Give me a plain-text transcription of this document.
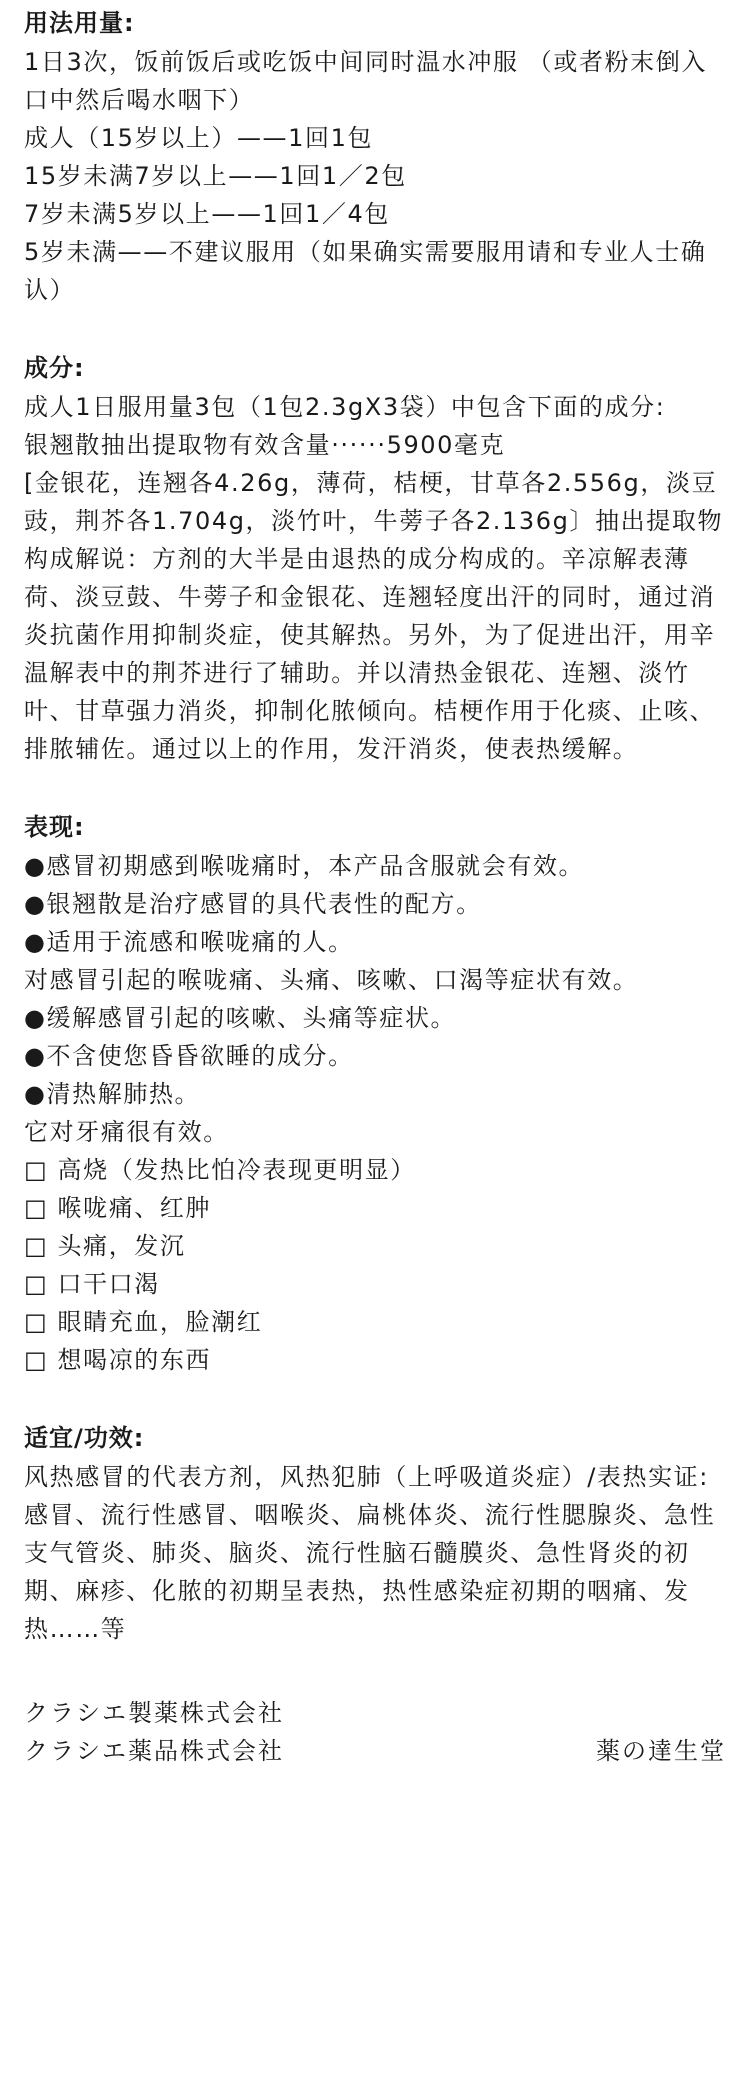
用法用量:

1日3次，饭前饭后或吃饭中间同时温水冲服 （或者粉末倒入口中然后喝水咽下）

成人（15岁以上）——1回1包

15岁未满7岁以上——1回1／2包

7岁未满5岁以上——1回1／4包

5岁未满——不建议服用（如果确实需要服用请和专业人士确认）

成分:

成人1日服用量3包（1包2.3gX3袋）中包含下面的成分:

银翘散抽出提取物有效含量······5900毫克

[金银花，连翘各4.26g，薄荷，桔梗，甘草各2.556g，淡豆豉，荆芥各1.704g，淡竹叶，牛蒡子各2.136g〕抽出提取物

构成解说：方剂的大半是由退热的成分构成的。辛凉解表薄荷、淡豆鼓、牛蒡子和金银花、连翘轻度出汗的同时，通过消炎抗菌作用抑制炎症，使其解热。另外，为了促进出汗，用辛温解表中的荆芥进行了辅助。并以清热金银花、连翘、淡竹叶、甘草强力消炎，抑制化脓倾向。桔梗作用于化痰、止咳、排脓辅佐。通过以上的作用，发汗消炎，使表热缓解。

表现:

●感冒初期感到喉咙痛时，本产品含服就会有效。

●银翘散是治疗感冒的具代表性的配方。

●适用于流感和喉咙痛的人。

对感冒引起的喉咙痛、头痛、咳嗽、口渴等症状有效。

●缓解感冒引起的咳嗽、头痛等症状。

●不含使您昏昏欲睡的成分。

●清热解肺热。

它对牙痛很有效。

□ 高烧（发热比怕冷表现更明显）

□ 喉咙痛、红肿

□ 头痛，发沉

□ 口干口渴

□ 眼睛充血，脸潮红

□ 想喝凉的东西

适宜/功效:

风热感冒的代表方剂，风热犯肺（上呼吸道炎症）/表热实证:

感冒、流行性感冒、咽喉炎、扁桃体炎、流行性腮腺炎、急性支气管炎、肺炎、脑炎、流行性脑石髓膜炎、急性肾炎的初期、麻疹、化脓的初期呈表热，热性感染症初期的咽痛、发热……等

クラシエ製薬株式会社
クラシエ薬品株式会社	薬の達生堂
